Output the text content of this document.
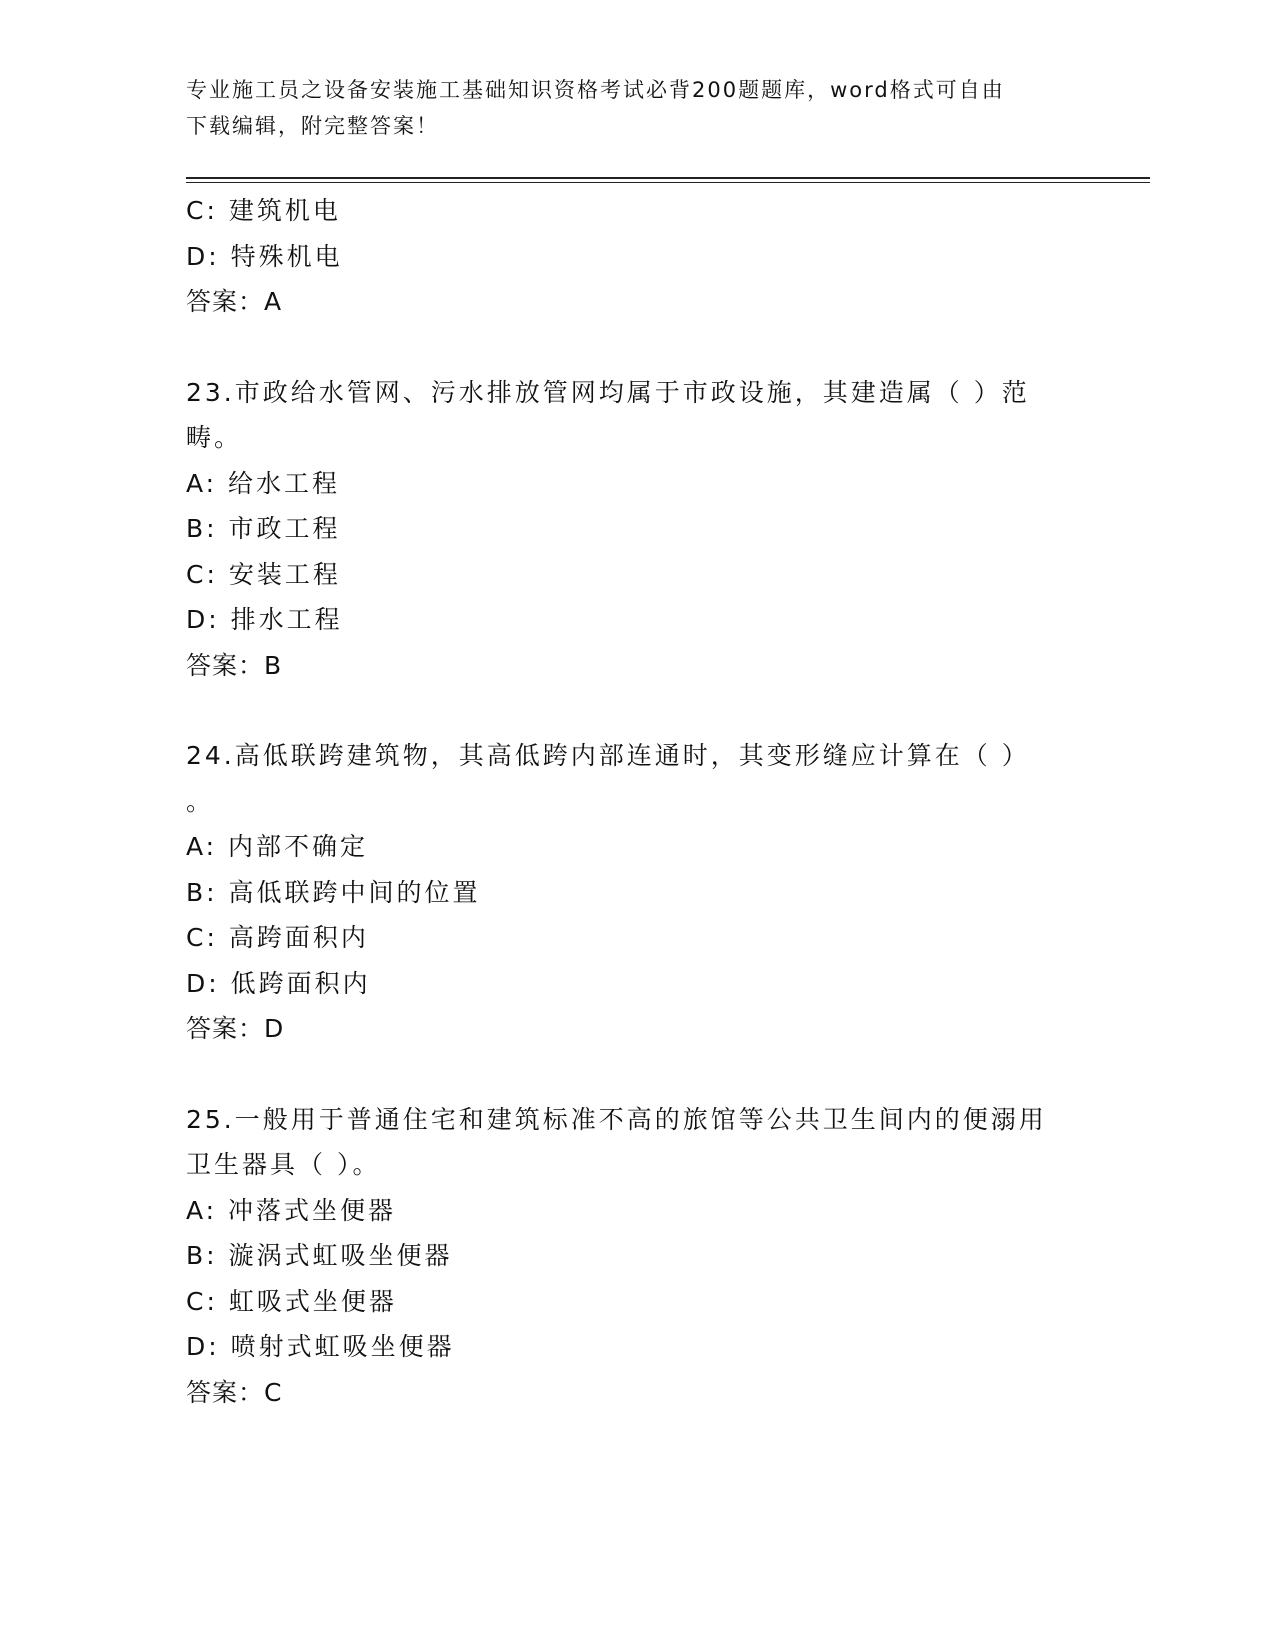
专业施工员之设备安装施工基础知识资格考试必背200题题库，word格式可自由
下载编辑，附完整答案！
C: 建筑机电
D: 特殊机电
答案：A
23.市政给水管网、污水排放管网均属于市政设施，其建造属（ ）范
畴。
A: 给水工程
B: 市政工程
C: 安装工程
D: 排水工程
答案：B
24.高低联跨建筑物，其高低跨内部连通时，其变形缝应计算在（ ）
。
A: 内部不确定
B: 高低联跨中间的位置
C: 高跨面积内
D: 低跨面积内
答案：D
25.一般用于普通住宅和建筑标准不高的旅馆等公共卫生间内的便溺用
卫生器具（ ）。
A: 冲落式坐便器
B: 漩涡式虹吸坐便器
C: 虹吸式坐便器
D: 喷射式虹吸坐便器
答案：C
